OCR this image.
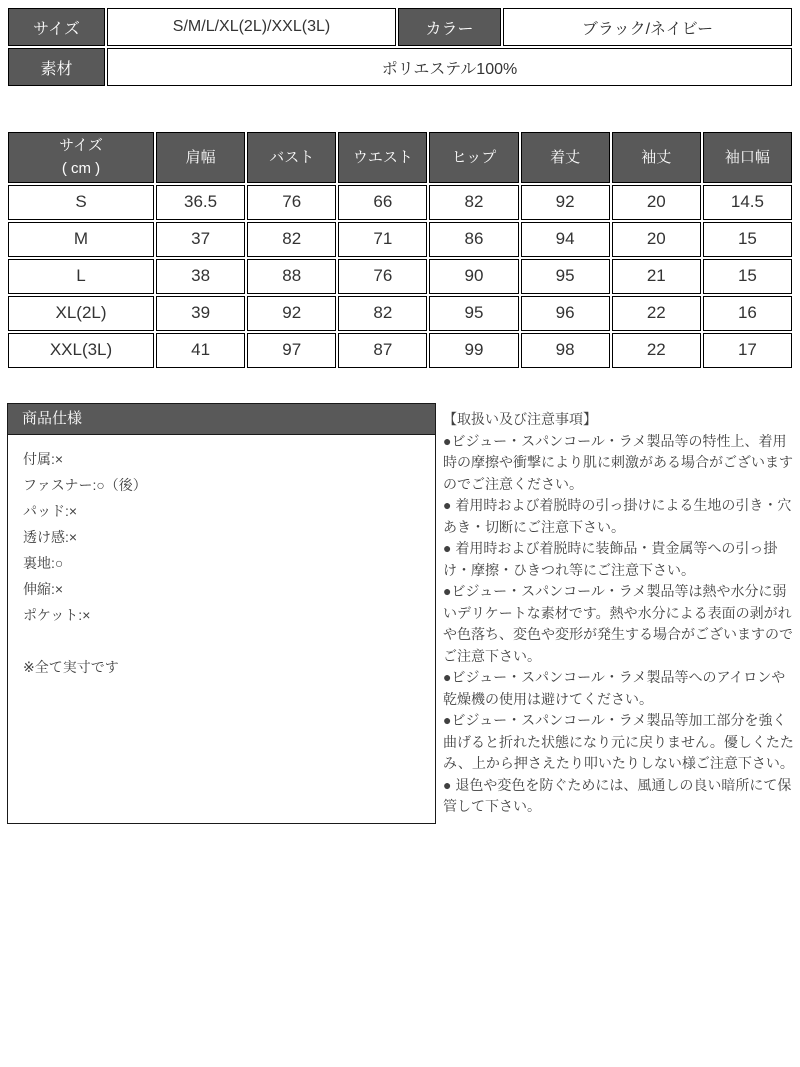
サイズ	S/M/L/XL(2L)/XXL(3L)	カラー	ブラック/ネイビー
素材	ポリエステル100%		
サイズ
( cm )	肩幅	バスト	ウエスト	ヒップ	着丈	袖丈	袖口幅
S	36.5	76	66	82	92	20	14.5
M	37	82	71	86	94	20	15
L	38	88	76	90	95	21	15
XL(2L)	39	92	82	95	96	22	16
XXL(3L)	41	97	87	99	98	22	17
商品仕様
付属:×
ファスナー:○（後）
パッド:×
透け感:×
裏地:○
伸縮:×
ポケット:×
※全て実寸です
【取扱い及び注意事項】

●ビジュー・スパンコール・ラメ製品等の特性上、着用時の摩擦や衝撃により肌に刺激がある場合がございますのでご注意ください。

● 着用時および着脱時の引っ掛けによる生地の引き・穴あき・切断にご注意下さい。

● 着用時および着脱時に装飾品・貴金属等への引っ掛け・摩擦・ひきつれ等にご注意下さい。

●ビジュー・スパンコール・ラメ製品等は熱や水分に弱いデリケートな素材です。熱や水分による表面の剥がれや色落ち、変色や変形が発生する場合がございますのでご注意下さい。

●ビジュー・スパンコール・ラメ製品等へのアイロンや乾燥機の使用は避けてください。

●ビジュー・スパンコール・ラメ製品等加工部分を強く曲げると折れた状態になり元に戻りません。優しくたたみ、上から押さえたり叩いたりしない様ご注意下さい。

● 退色や変色を防ぐためには、風通しの良い暗所にて保管して下さい。
